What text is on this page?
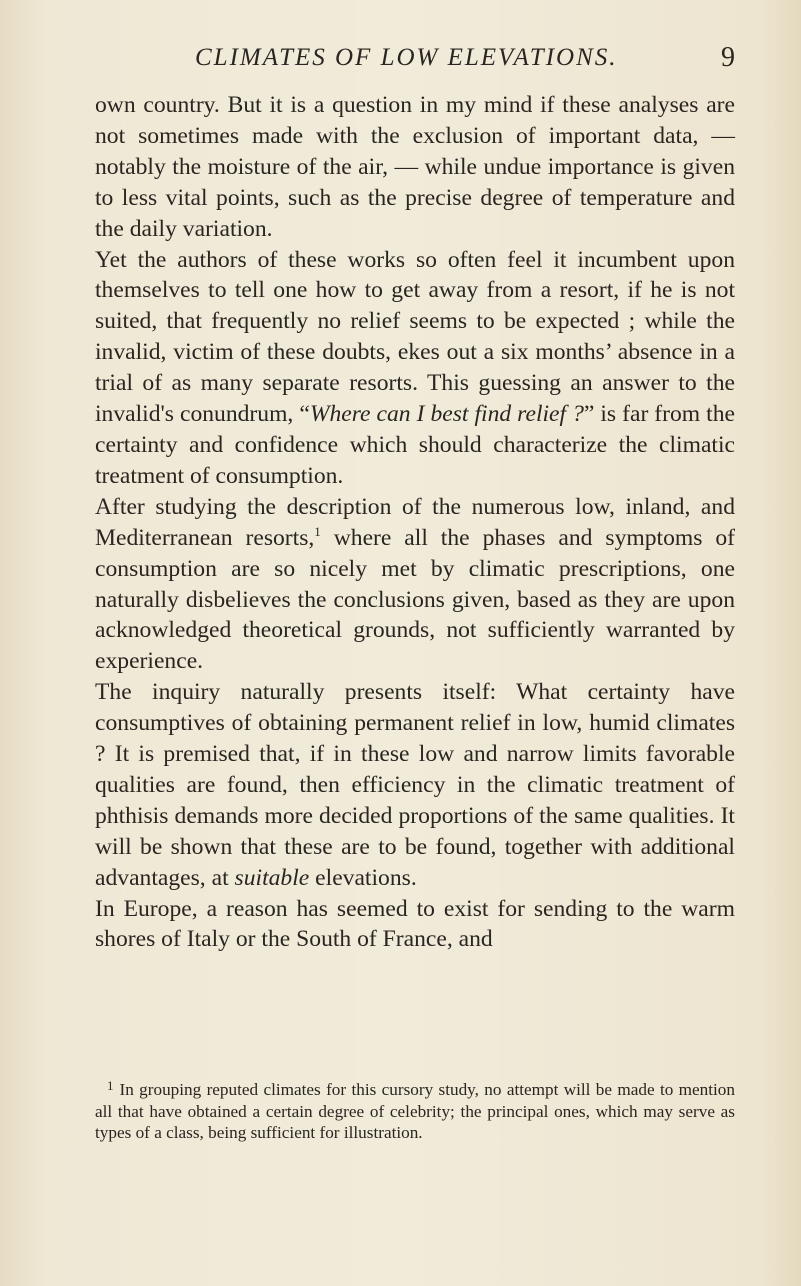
CLIMATES OF LOW ELEVATIONS.	9

own country. But it is a question in my mind if these analyses are not sometimes made with the exclusion of important data, — notably the moisture of the air, — while undue importance is given to less vital points, such as the precise degree of temperature and the daily variation.

Yet the authors of these works so often feel it incumbent upon themselves to tell one how to get away from a resort, if he is not suited, that frequently no relief seems to be expected ; while the invalid, victim of these doubts, ekes out a six months’ absence in a trial of as many separate resorts. This guessing an answer to the invalid's conundrum, “Where can I best find relief ?” is far from the certainty and confidence which should characterize the climatic treatment of consumption.

After studying the description of the numerous low, inland, and Mediterranean resorts,$^1$ where all the phases and symptoms of consumption are so nicely met by climatic prescriptions, one naturally disbelieves the conclusions given, based as they are upon acknowledged theoretical grounds, not sufficiently warranted by experience.

The inquiry naturally presents itself: What certainty have consumptives of obtaining permanent relief in low, humid climates ? It is premised that, if in these low and narrow limits favorable qualities are found, then efficiency in the climatic treatment of phthisis demands more decided proportions of the same qualities. It will be shown that these are to be found, together with additional advantages, at suitable elevations.

In Europe, a reason has seemed to exist for sending to the warm shores of Italy or the South of France, and

$^1$ In grouping reputed climates for this cursory study, no attempt will be made to mention all that have obtained a certain degree of celebrity; the principal ones, which may serve as types of a class, being sufficient for illustration.
